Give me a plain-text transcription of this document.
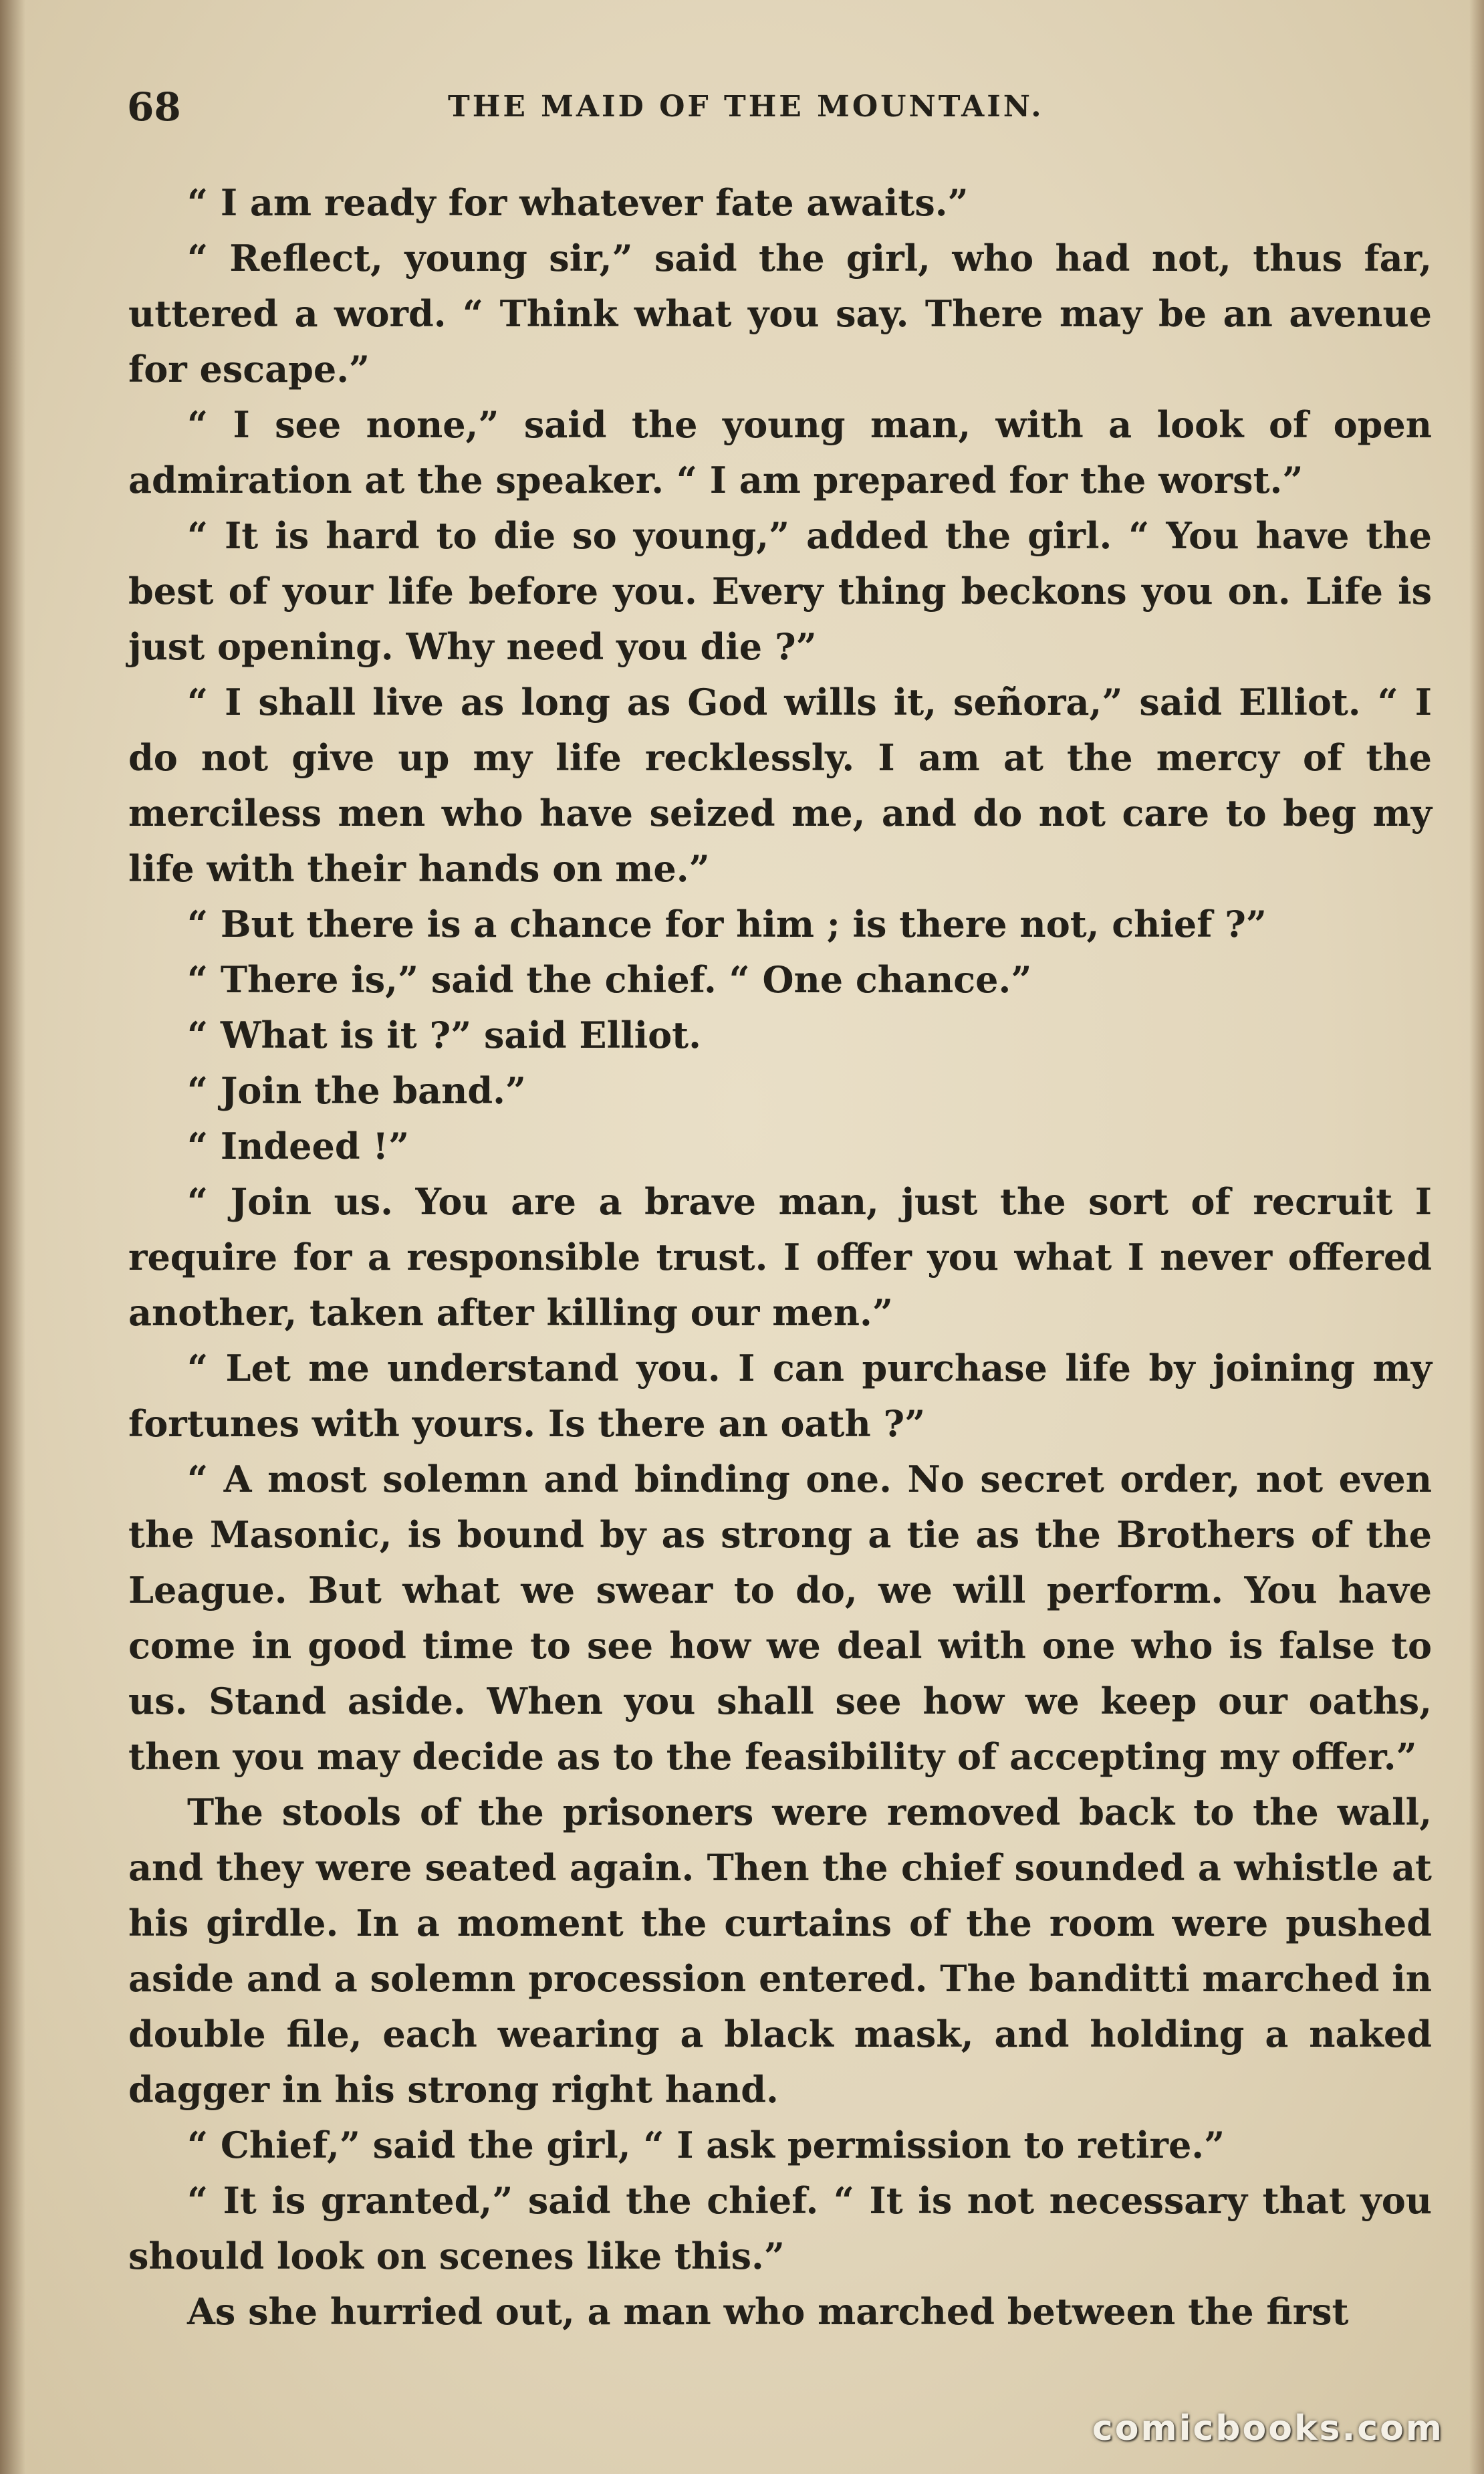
68	THE MAID OF THE MOUNTAIN.

“ I am ready for whatever fate awaits.”

“ Reflect, young sir,” said the girl, who had not, thus far, uttered a word. “ Think what you say. There may be an avenue for escape.”

“ I see none,” said the young man, with a look of open admiration at the speaker. “ I am prepared for the worst.”

“ It is hard to die so young,” added the girl. “ You have the best of your life before you. Every thing beckons you on. Life is just opening. Why need you die ?”

“ I shall live as long as God wills it, señora,” said Elliot. “ I do not give up my life recklessly. I am at the mercy of the merciless men who have seized me, and do not care to beg my life with their hands on me.”

“ But there is a chance for him ; is there not, chief ?”

“ There is,” said the chief. “ One chance.”

“ What is it ?” said Elliot.

“ Join the band.”

“ Indeed !”

“ Join us. You are a brave man, just the sort of recruit I require for a responsible trust. I offer you what I never offered another, taken after killing our men.”

“ Let me understand you. I can purchase life by joining my fortunes with yours. Is there an oath ?”

“ A most solemn and binding one. No secret order, not even the Masonic, is bound by as strong a tie as the Brothers of the League. But what we swear to do, we will perform. You have come in good time to see how we deal with one who is false to us. Stand aside. When you shall see how we keep our oaths, then you may decide as to the feasibility of accepting my offer.”

The stools of the prisoners were removed back to the wall, and they were seated again. Then the chief sounded a whistle at his girdle. In a moment the curtains of the room were pushed aside and a solemn procession entered. The banditti marched in double file, each wearing a black mask, and holding a naked dagger in his strong right hand.

“ Chief,” said the girl, “ I ask permission to retire.”

“ It is granted,” said the chief. “ It is not necessary that you should look on scenes like this.”

As she hurried out, a man who marched between the first

comicbooks.com
